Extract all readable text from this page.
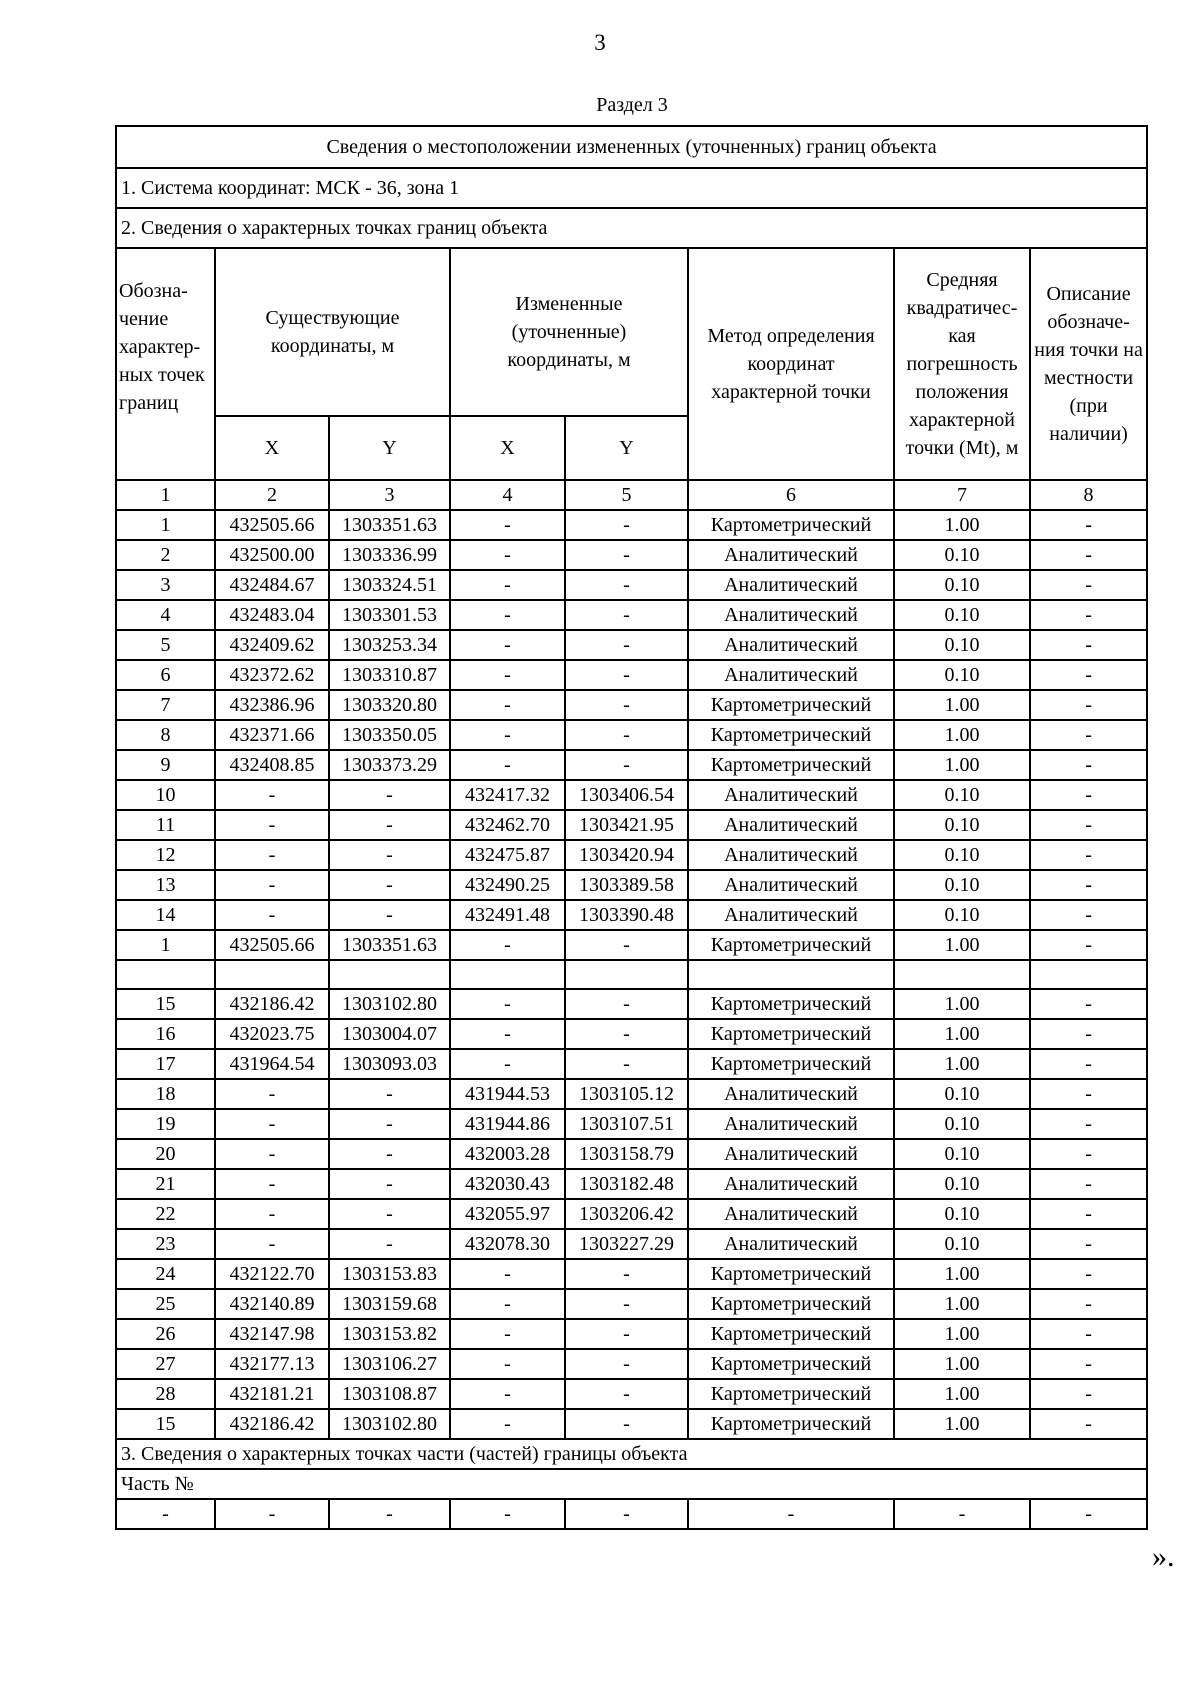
3
Раздел 3
Сведения о местоположении измененных (уточненных) границ объекта							
1. Система координат: МСК - 36, зона 1							
2. Сведения о характерных точках границ объекта							
Обозна-чение характер-ных точек границ	Существующие координаты, м		Измененные (уточненные) координаты, м		Метод определения координат характерной точки	Средняя квадратичес-кая погрешность положения характерной точки (Mt), м	Описание обозначе-ния точки на местности (при наличии)
	X	Y	X	Y			
1	2	3	4	5	6	7	8
1	432505.66	1303351.63	-	-	Картометрический	1.00	-
2	432500.00	1303336.99	-	-	Аналитический	0.10	-
3	432484.67	1303324.51	-	-	Аналитический	0.10	-
4	432483.04	1303301.53	-	-	Аналитический	0.10	-
5	432409.62	1303253.34	-	-	Аналитический	0.10	-
6	432372.62	1303310.87	-	-	Аналитический	0.10	-
7	432386.96	1303320.80	-	-	Картометрический	1.00	-
8	432371.66	1303350.05	-	-	Картометрический	1.00	-
9	432408.85	1303373.29	-	-	Картометрический	1.00	-
10	-	-	432417.32	1303406.54	Аналитический	0.10	-
11	-	-	432462.70	1303421.95	Аналитический	0.10	-
12	-	-	432475.87	1303420.94	Аналитический	0.10	-
13	-	-	432490.25	1303389.58	Аналитический	0.10	-
14	-	-	432491.48	1303390.48	Аналитический	0.10	-
1	432505.66	1303351.63	-	-	Картометрический	1.00	-

15	432186.42	1303102.80	-	-	Картометрический	1.00	-
16	432023.75	1303004.07	-	-	Картометрический	1.00	-
17	431964.54	1303093.03	-	-	Картометрический	1.00	-
18	-	-	431944.53	1303105.12	Аналитический	0.10	-
19	-	-	431944.86	1303107.51	Аналитический	0.10	-
20	-	-	432003.28	1303158.79	Аналитический	0.10	-
21	-	-	432030.43	1303182.48	Аналитический	0.10	-
22	-	-	432055.97	1303206.42	Аналитический	0.10	-
23	-	-	432078.30	1303227.29	Аналитический	0.10	-
24	432122.70	1303153.83	-	-	Картометрический	1.00	-
25	432140.89	1303159.68	-	-	Картометрический	1.00	-
26	432147.98	1303153.82	-	-	Картометрический	1.00	-
27	432177.13	1303106.27	-	-	Картометрический	1.00	-
28	432181.21	1303108.87	-	-	Картометрический	1.00	-
15	432186.42	1303102.80	-	-	Картометрический	1.00	-
3. Сведения о характерных точках части (частей) границы объекта							
Часть №							
-	-	-	-	-	-	-	-
».
